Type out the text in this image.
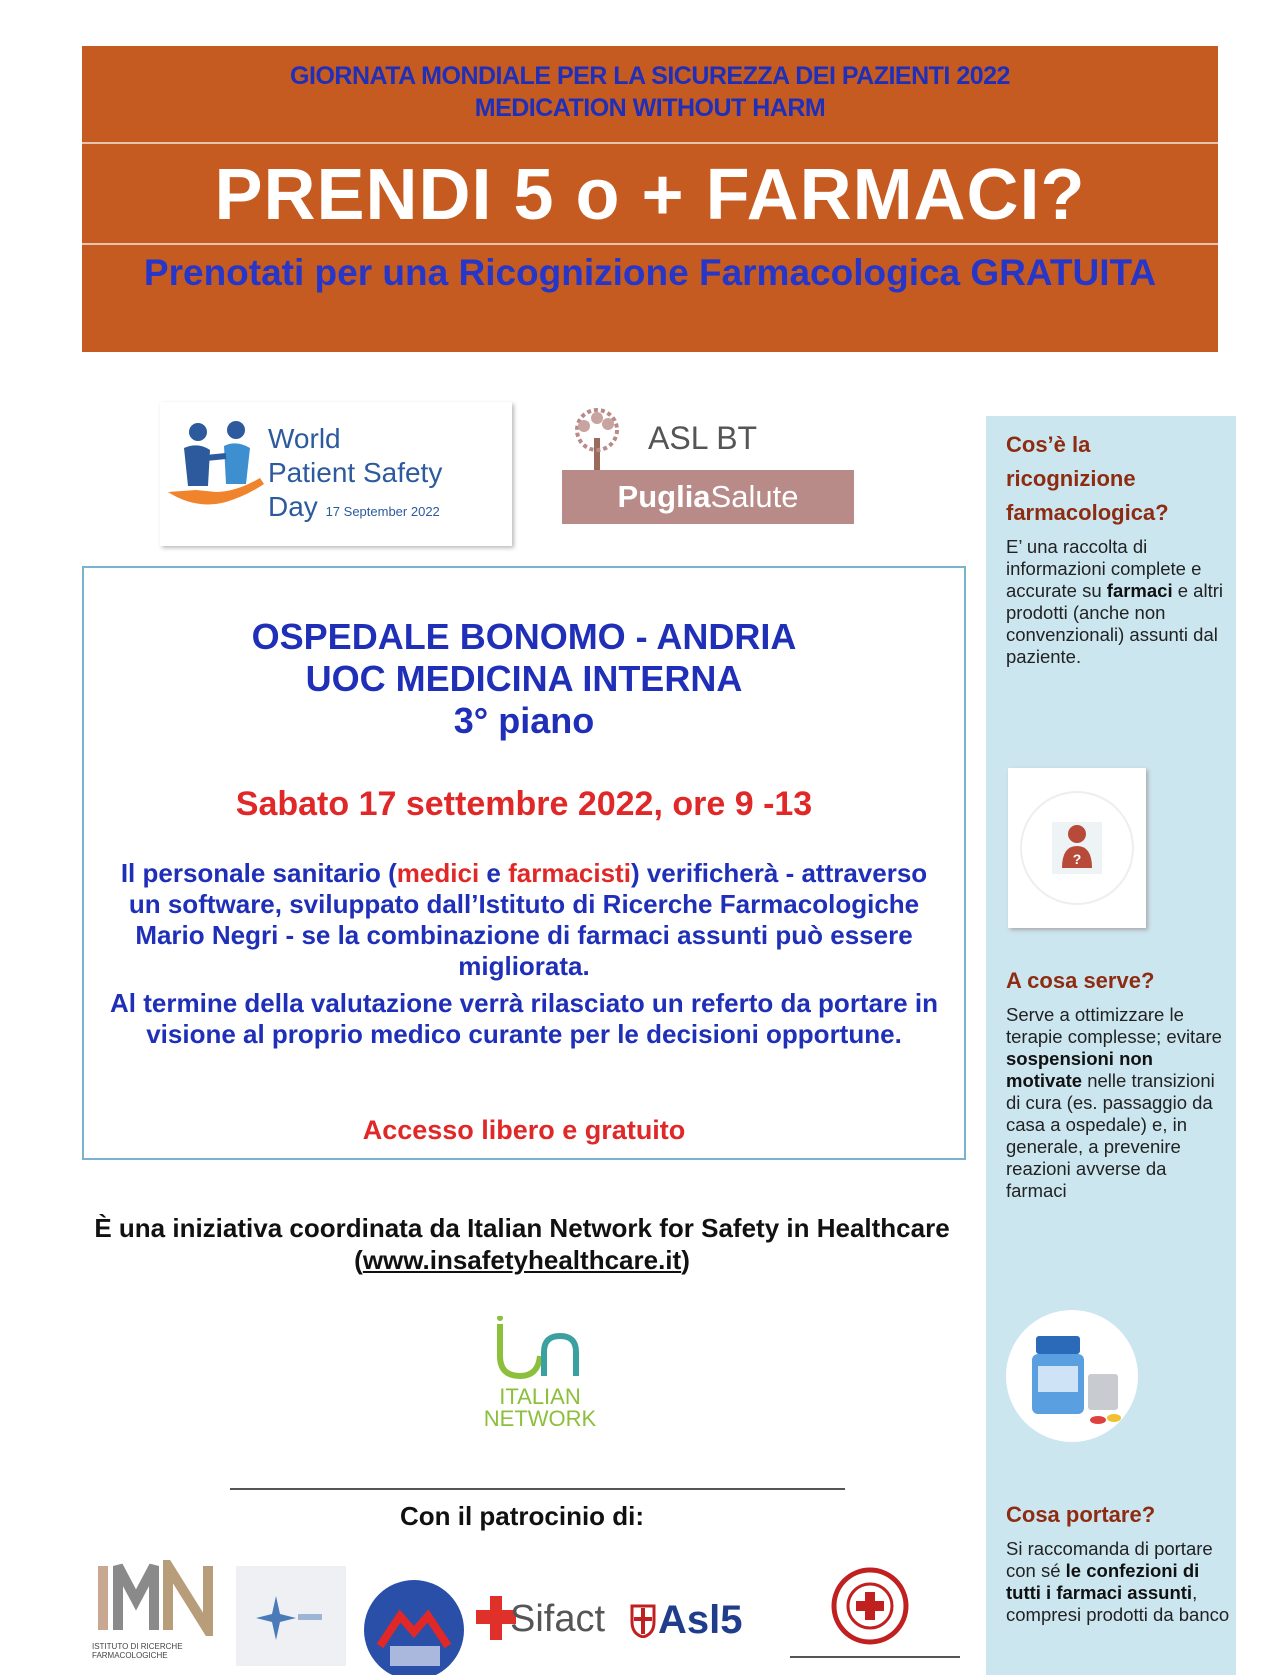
GIORNATA MONDIALE PER LA SICUREZZA DEI PAZIENTI 2022
MEDICATION WITHOUT HARM
PRENDI 5 o + FARMACI?
Prenotati per una Ricognizione Farmacologica GRATUITA
World
Patient Safety
Day 17 September 2022
ASL BT
PugliaSalute
OSPEDALE BONOMO - ANDRIA
UOC MEDICINA INTERNA
3° piano
Sabato 17 settembre 2022, ore 9 -13
Il personale sanitario (medici e farmacisti) verificherà - attraverso un software, sviluppato dall’Istituto di Ricerche Farmacologiche Mario Negri - se la combinazione di farmaci assunti può essere migliorata.
Al termine della valutazione verrà rilasciato un referto da portare in visione al proprio medico curante per le decisioni opportune.
Accesso libero e gratuito
È una iniziativa coordinata da Italian Network for Safety in Healthcare (www.insafetyhealthcare.it)
ITALIAN
NETWORK
Con il patrocinio di:
ISTITUTO DI RICERCHE FARMACOLOGICHE
Sifact Asl5
Cos’è la
ricognizione
farmacologica?
E’ una raccolta di informazioni complete e accurate su farmaci e altri prodotti (anche non convenzionali) assunti dal paziente.
?
A cosa serve?
Serve a ottimizzare le terapie complesse; evitare sospensioni non motivate nelle transizioni di cura (es. passaggio da casa a ospedale) e, in generale, a prevenire reazioni avverse da farmaci
Cosa portare?
Si raccomanda di portare con sé le confezioni di tutti i farmaci assunti, compresi prodotti da banco
